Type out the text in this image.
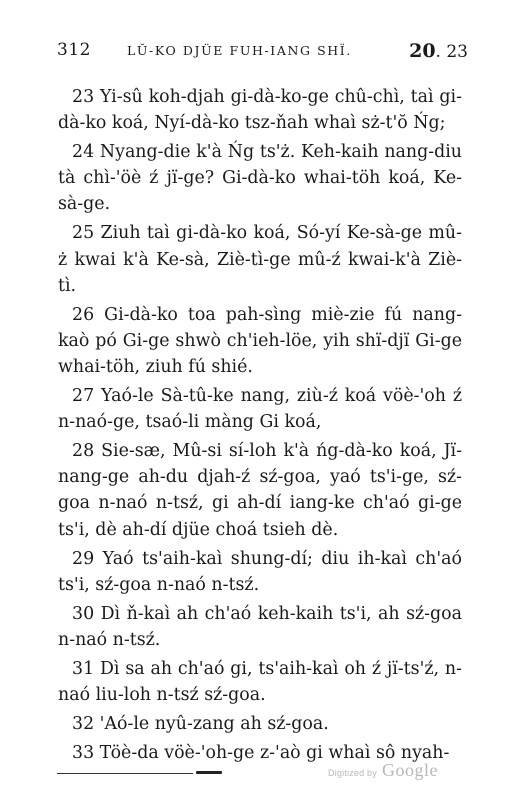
312	LŬ-KO DJÜE FUH-IANG SHÏ.	20. 23

23 Yi-sû koh-djah gi-dà-ko-ge chû-chì, taì gi-dà-ko koá, Nyí-dà-ko tsz-ňah whaì sż-t'ŏ Ńg;

24 Nyang-die k'à Ńg ts'ż. Keh-kaih nang-diu tà chì-'öè ź jï-ge? Gi-dà-ko whai-töh koá, Ke-sà-ge.

25 Ziuh taì gi-dà-ko koá, Só-yí Ke-sà-ge mû-ż kwai k'à Ke-sà, Ziè-tì-ge mû-ź kwai-k'à Ziè-tì.

26 Gi-dà-ko toa pah-sìng miè-zie fú nang-kaò pó Gi-ge shwò ch'ieh-löe, yih shï-djï Gi-ge whai-töh, ziuh fú shié.

27 Yaó-le Sà-tû-ke nang, ziù-ź koá vöè-'oh ź n-naó-ge, tsaó-li màng Gi koá,

28 Sie-sæ, Mû-si sí-loh k'à ńg-dà-ko koá, Jï-nang-ge ah-du djah-ź sź-goa, yaó ts'i-ge, sź-goa n-naó n-tsź, gi ah-dí iang-ke ch'aó gi-ge ts'i, dè ah-dí djüe choá tsieh dè.

29 Yaó ts'aih-kaì shung-dí; diu ih-kaì ch'aó ts'i, sź-goa n-naó n-tsź.

30 Dì ň-kaì ah ch'aó keh-kaih ts'i, ah sź-goa n-naó n-tsź.

31 Dì sa ah ch'aó gi, ts'aih-kaì oh ź jï-ts'ź, n-naó liu-loh n-tsź sź-goa.

32 'Aó-le nyû-zang ah sź-goa.

33 Töè-da vöè-'oh-ge z-'aò gi whaì sô nyah-

Digitized by Google
